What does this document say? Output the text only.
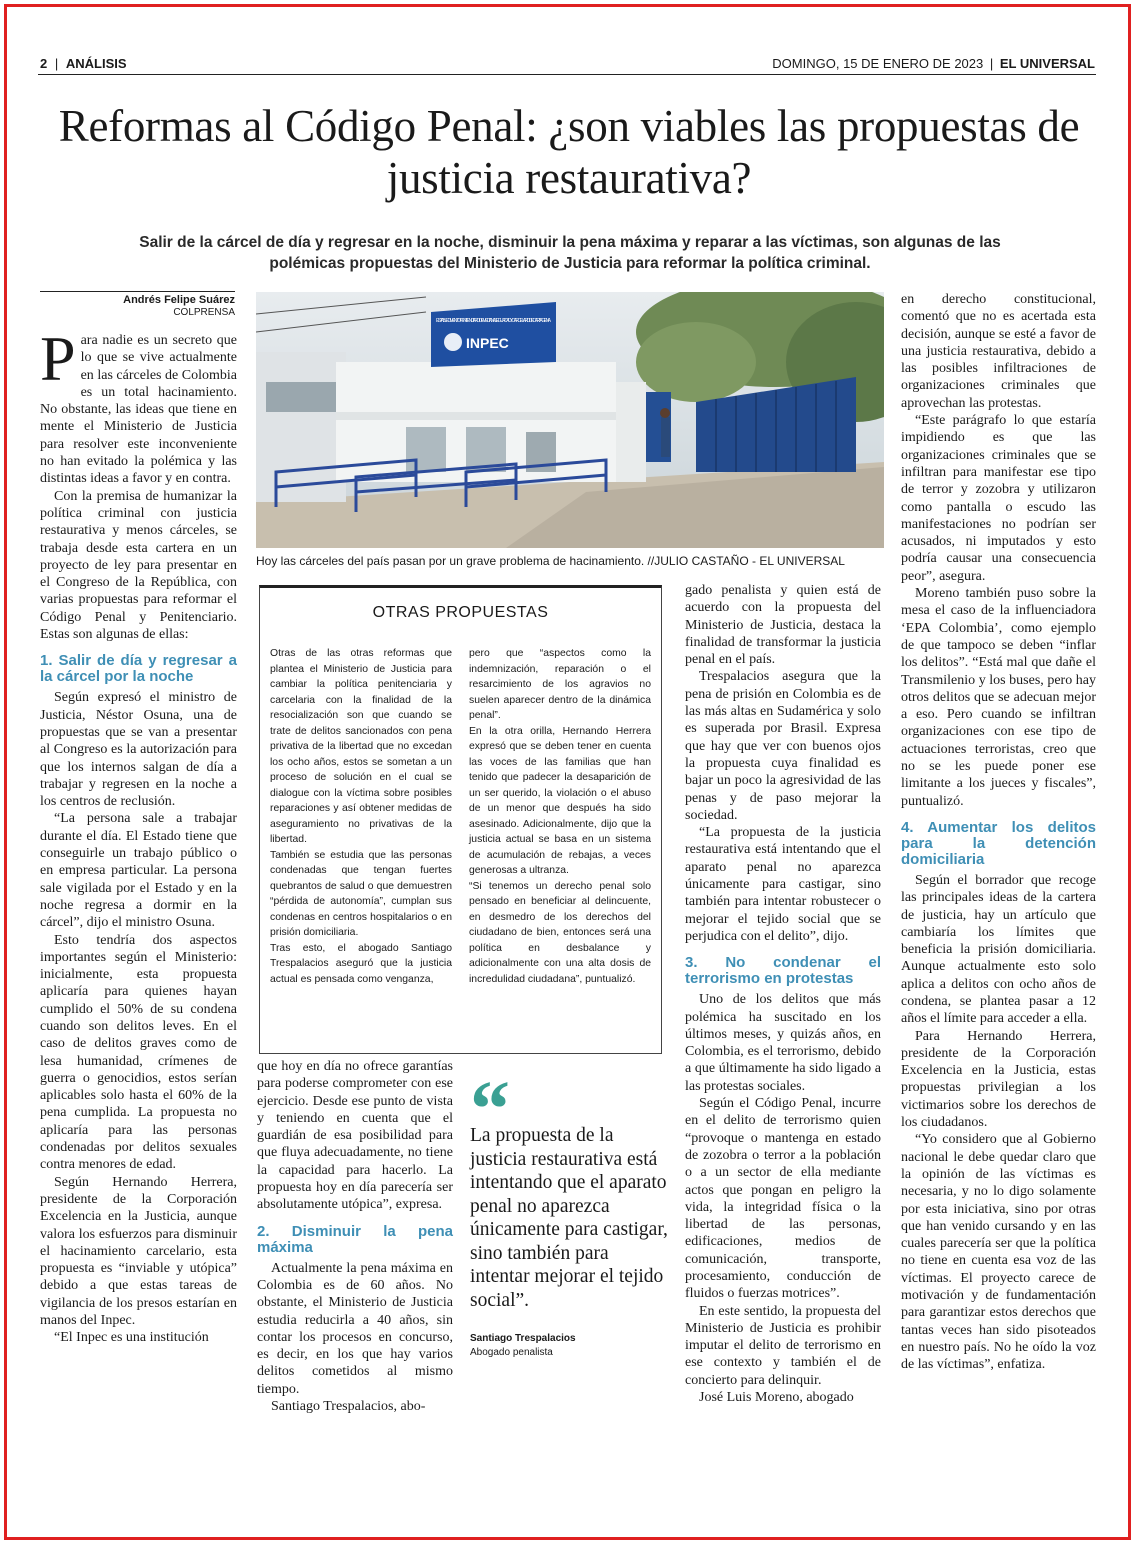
2 | ANÁLISIS	DOMINGO, 15 DE ENERO DE 2023 | EL UNIVERSAL
Reformas al Código Penal: ¿son viables las propuestas de justicia restaurativa?
Salir de la cárcel de día y regresar en la noche, disminuir la pena máxima y reparar a las víctimas, son algunas de las polémicas propuestas del Ministerio de Justicia para reformar la política criminal.
Andrés Felipe Suárez
COLPRENSA

Para nadie es un secreto que lo que se vive actualmente en las cárceles de Colombia es un total hacinamiento. No obstante, las ideas que tiene en mente el Ministerio de Justicia para resolver este inconveniente no han evitado la polémica y las distintas ideas a favor y en contra.

Con la premisa de humanizar la política criminal con justicia restaurativa y menos cárceles, se trabaja desde esta cartera en un proyecto de ley para presentar en el Congreso de la República, con varias propuestas para reformar el Código Penal y Penitenciario. Estas son algunas de ellas:

1. Salir de día y regresar a la cárcel por la noche

Según expresó el ministro de Justicia, Néstor Osuna, una de propuestas que se van a presentar al Congreso es la autorización para que los internos salgan de día a trabajar y regresen en la noche a los centros de reclusión.

“La persona sale a trabajar durante el día. El Estado tiene que conseguirle un trabajo público o en empresa particular. La persona sale vigilada por el Estado y en la noche regresa a dormir en la cárcel”, dijo el ministro Osuna.

Esto tendría dos aspectos importantes según el Ministerio: inicialmente, esta propuesta aplicaría para quienes hayan cumplido el 50% de su condena cuando son delitos leves. En el caso de delitos graves como de lesa humanidad, crímenes de guerra o genocidios, estos serían aplicables solo hasta el 60% de la pena cumplida. La propuesta no aplicaría para las personas condenadas por delitos sexuales contra menores de edad.

Según Hernando Herrera, presidente de la Corporación Excelencia en la Justicia, aunque valora los esfuerzos para disminuir el hacinamiento carcelario, esta propuesta es “inviable y utópica” debido a que estas tareas de vigilancia de los presos estarían en manos del Inpec.

“El Inpec es una institución

INPEC
ESTABLECIMIENTO PENITENCIARIO DE MEDIANA SEGURIDAD Y CARCELARIO DE CARTAGENA
Hoy las cárceles del país pasan por un grave problema de hacinamiento. //JULIO CASTAÑO - EL UNIVERSAL
OTRAS PROPUESTAS

Otras de las otras reformas que plantea el Ministerio de Justicia para cambiar la política penitenciaria y carcelaria con la finalidad de la resocialización son que cuando se trate de delitos sancionados con pena privativa de la libertad que no excedan los ocho años, estos se sometan a un proceso de solución en el cual se dialogue con la víctima sobre posibles reparaciones y así obtener medidas de aseguramiento no privativas de la libertad.

También se estudia que las personas condenadas que tengan fuertes quebrantos de salud o que demuestren “pérdida de autonomía”, cumplan sus condenas en centros hospitalarios o en prisión domiciliaria.

Tras esto, el abogado Santiago Trespalacios aseguró que la justicia actual es pensada como venganza,

pero que “aspectos como la indemnización, reparación o el resarcimiento de los agravios no suelen aparecer dentro de la dinámica penal”.

En la otra orilla, Hernando Herrera expresó que se deben tener en cuenta las voces de las familias que han tenido que padecer la desaparición de un ser querido, la violación o el abuso de un menor que después ha sido asesinado. Adicionalmente, dijo que la justicia actual se basa en un sistema de acumulación de rebajas, a veces generosas a ultranza.

“Si tenemos un derecho penal solo pensado en beneficiar al delincuente, en desmedro de los derechos del ciudadano de bien, entonces será una política en desbalance y adicionalmente con una alta dosis de incredulidad ciudadana”, puntualizó.

que hoy en día no ofrece garantías para poderse comprometer con ese ejercicio. Desde ese punto de vista y teniendo en cuenta que el guardián de esa posibilidad para que fluya adecuadamente, no tiene la capacidad para hacerlo. La propuesta hoy en día parecería ser absolutamente utópica”, expresa.

2. Disminuir la pena máxima

Actualmente la pena máxima en Colombia es de 60 años. No obstante, el Ministerio de Justicia estudia reducirla a 40 años, sin contar los procesos en concurso, es decir, en los que hay varios delitos cometidos al mismo tiempo.

Santiago Trespalacios, abo-

“
La propuesta de la justicia restaurativa está intentando que el aparato penal no aparezca únicamente para castigar, sino también para intentar mejorar el tejido social”.
Santiago Trespalacios
Abogado penalista

gado penalista y quien está de acuerdo con la propuesta del Ministerio de Justicia, destaca la finalidad de transformar la justicia penal en el país.

Trespalacios asegura que la pena de prisión en Colombia es de las más altas en Sudamérica y solo es superada por Brasil. Expresa que hay que ver con buenos ojos la propuesta cuya finalidad es bajar un poco la agresividad de las penas y de paso mejorar la sociedad.

“La propuesta de la justicia restaurativa está intentando que el aparato penal no aparezca únicamente para castigar, sino también para intentar robustecer o mejorar el tejido social que se perjudica con el delito”, dijo.

3. No condenar el terrorismo en protestas

Uno de los delitos que más polémica ha suscitado en los últimos meses, y quizás años, en Colombia, es el terrorismo, debido a que últimamente ha sido ligado a las protestas sociales.

Según el Código Penal, incurre en el delito de terrorismo quien “provoque o mantenga en estado de zozobra o terror a la población o a un sector de ella mediante actos que pongan en peligro la vida, la integridad física o la libertad de las personas, edificaciones, medios de comunicación, transporte, procesamiento, conducción de fluidos o fuerzas motrices”.

En este sentido, la propuesta del Ministerio de Justicia es prohibir imputar el delito de terrorismo en ese contexto y también el de concierto para delinquir.

José Luis Moreno, abogado

en derecho constitucional, comentó que no es acertada esta decisión, aunque se esté a favor de una justicia restaurativa, debido a las posibles infiltraciones de organizaciones criminales que aprovechan las protestas.

“Este parágrafo lo que estaría impidiendo es que las organizaciones criminales que se infiltran para manifestar ese tipo de terror y zozobra y utilizaron como pantalla o escudo las manifestaciones no podrían ser acusados, ni imputados y esto podría causar una consecuencia peor”, asegura.

Moreno también puso sobre la mesa el caso de la influenciadora ‘EPA Colombia’, como ejemplo de que tampoco se deben “inflar los delitos”. “Está mal que dañe el Transmilenio y los buses, pero hay otros delitos que se adecuan mejor a eso. Pero cuando se infiltran organizaciones con ese tipo de actuaciones terroristas, creo que no se les puede poner ese limitante a los jueces y fiscales”, puntualizó.

4. Aumentar los delitos para la detención domiciliaria

Según el borrador que recoge las principales ideas de la cartera de justicia, hay un artículo que cambiaría los límites que beneficia la prisión domiciliaria. Aunque actualmente esto solo aplica a delitos con ocho años de condena, se plantea pasar a 12 años el límite para acceder a ella.

Para Hernando Herrera, presidente de la Corporación Excelencia en la Justicia, estas propuestas privilegian a los victimarios sobre los derechos de los ciudadanos.

“Yo considero que al Gobierno nacional le debe quedar claro que la opinión de las víctimas es necesaria, y no lo digo solamente por esta iniciativa, sino por otras que han venido cursando y en las cuales parecería ser que la política no tiene en cuenta esa voz de las víctimas. El proyecto carece de motivación y de fundamentación para garantizar estos derechos que tantas veces han sido pisoteados en nuestro país. No he oído la voz de las víctimas”, enfatiza.
